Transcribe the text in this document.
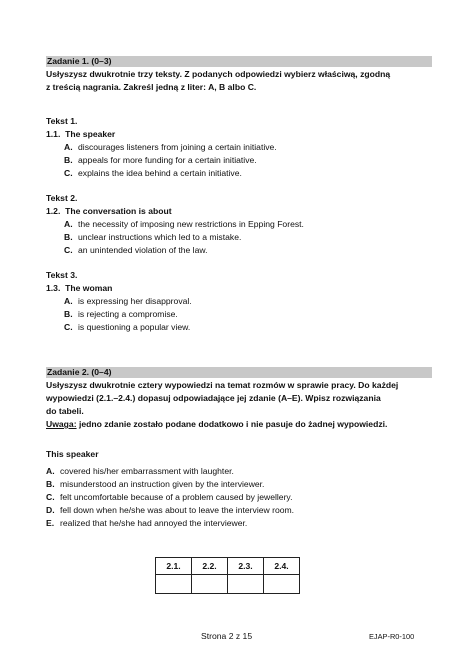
Zadanie 1. (0–3)
Usłyszysz dwukrotnie trzy teksty. Z podanych odpowiedzi wybierz właściwą, zgodną
z treścią nagrania. Zakreśl jedną z liter: A, B albo C.
Tekst 1.
1.1. The speaker
A. discourages listeners from joining a certain initiative.
B. appeals for more funding for a certain initiative.
C. explains the idea behind a certain initiative.
Tekst 2.
1.2. The conversation is about
A. the necessity of imposing new restrictions in Epping Forest.
B. unclear instructions which led to a mistake.
C. an unintended violation of the law.
Tekst 3.
1.3. The woman
A. is expressing her disapproval.
B. is rejecting a compromise.
C. is questioning a popular view.
Zadanie 2. (0–4)
Usłyszysz dwukrotnie cztery wypowiedzi na temat rozmów w sprawie pracy. Do każdej
wypowiedzi (2.1.–2.4.) dopasuj odpowiadające jej zdanie (A–E). Wpisz rozwiązania
do tabeli.
Uwaga: jedno zdanie zostało podane dodatkowo i nie pasuje do żadnej wypowiedzi.
This speaker
A. covered his/her embarrassment with laughter.
B. misunderstood an instruction given by the interviewer.
C. felt uncomfortable because of a problem caused by jewellery.
D. fell down when he/she was about to leave the interview room.
E. realized that he/she had annoyed the interviewer.
2.1.	2.2.	2.3.	2.4.

Strona 2 z 15	EJAP-R0-100
